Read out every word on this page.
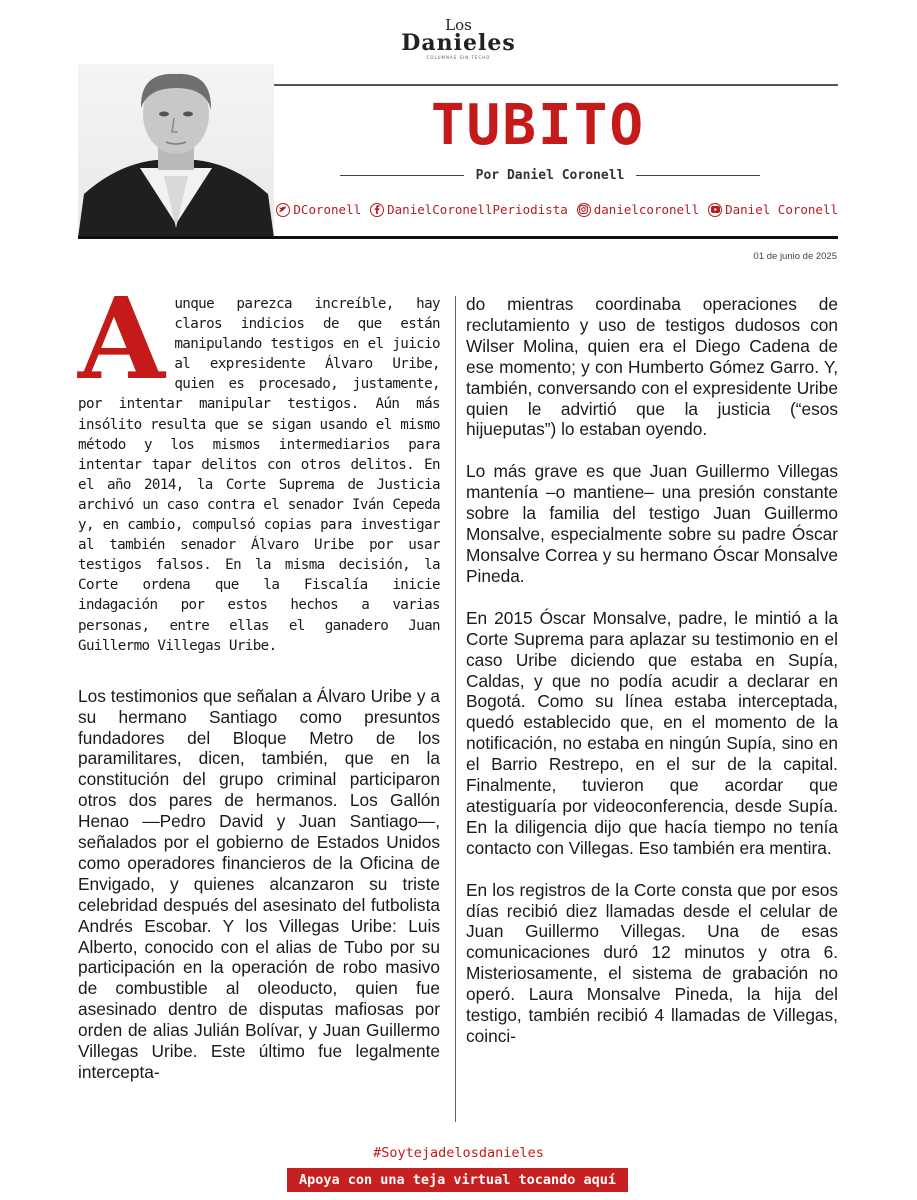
Los
Danieles
COLUMNAS SIN TECHO
TUBITO
Por Daniel Coronell
DCoronell DanielCoronellPeriodista danielcoronell Daniel Coronell
01 de junio de 2025

Aunque parezca increíble, hay claros indicios de que están manipulando testigos en el juicio al expresidente Álvaro Uribe, quien es procesado, justamente, por intentar manipular testigos. Aún más insólito resulta que se sigan usando el mismo método y los mismos intermediarios para intentar tapar delitos con otros delitos. En el año 2014, la Corte Suprema de Justicia archivó un caso contra el senador Iván Cepeda y, en cambio, compulsó copias para investigar al también senador Álvaro Uribe por usar testigos falsos. En la misma decisión, la Corte ordena que la Fiscalía inicie indagación por estos hechos a varias personas, entre ellas el ganadero Juan Guillermo Villegas Uribe.

Los testimonios que señalan a Álvaro Uribe y a su hermano Santiago como presuntos fundadores del Bloque Metro de los paramilitares, dicen, también, que en la constitución del grupo criminal participaron otros dos pares de hermanos. Los Gallón Henao —Pedro David y Juan Santiago—, señalados por el gobierno de Estados Unidos como operadores financieros de la Oficina de Envigado, y quienes alcanzaron su triste celebridad después del asesinato del futbolista Andrés Escobar. Y los Villegas Uribe: Luis Alberto, conocido con el alias de Tubo por su participación en la operación de robo masivo de combustible al oleoducto, quien fue asesinado dentro de disputas mafiosas por orden de alias Julián Bolívar, y Juan Guillermo Villegas Uribe. Este último fue legalmente intercepta-

do mientras coordinaba operaciones de reclutamiento y uso de testigos dudosos con Wilser Molina, quien era el Diego Cadena de ese momento; y con Humberto Gómez Garro. Y, también, conversando con el expresidente Uribe quien le advirtió que la justicia (“esos hijueputas”) lo estaban oyendo.

Lo más grave es que Juan Guillermo Villegas mantenía –o mantiene– una presión constante sobre la familia del testigo Juan Guillermo Monsalve, especialmente sobre su padre Óscar Monsalve Correa y su hermano Óscar Monsalve Pineda.

En 2015 Óscar Monsalve, padre, le mintió a la Corte Suprema para aplazar su testimonio en el caso Uribe diciendo que estaba en Supía, Caldas, y que no podía acudir a declarar en Bogotá. Como su línea estaba interceptada, quedó establecido que, en el momento de la notificación, no estaba en ningún Supía, sino en el Barrio Restrepo, en el sur de la capital. Finalmente, tuvieron que acordar que atestiguaría por videoconferencia, desde Supía. En la diligencia dijo que hacía tiempo no tenía contacto con Villegas. Eso también era mentira.

En los registros de la Corte consta que por esos días recibió diez llamadas desde el celular de Juan Guillermo Villegas. Una de esas comunicaciones duró 12 minutos y otra 6. Misteriosamente, el sistema de grabación no operó. Laura Monsalve Pineda, la hija del testigo, también recibió 4 llamadas de Villegas, coinci-

#Soytejadelosdanieles
Apoya con una teja virtual tocando aquí
